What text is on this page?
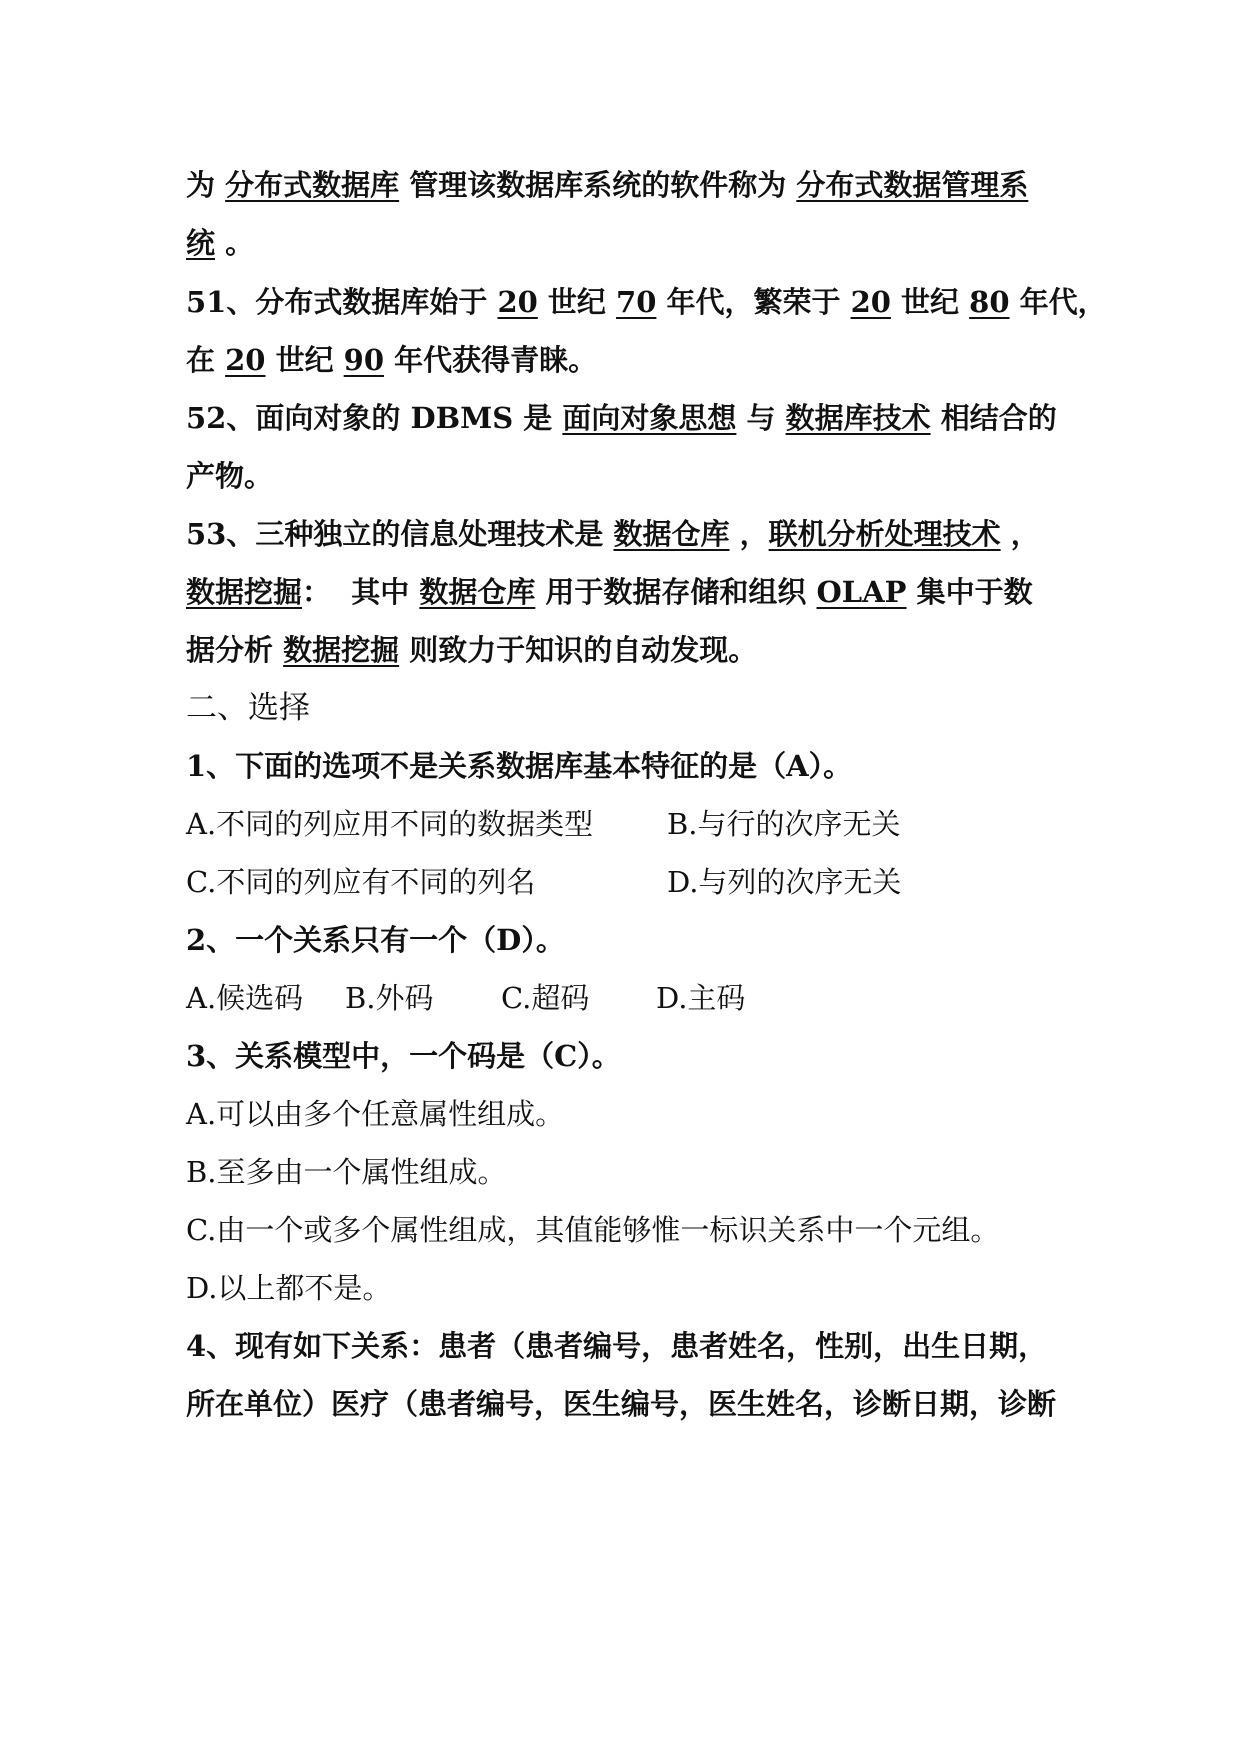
为 分布式数据库 管理该数据库系统的软件称为 分布式数据管理系
统 。
51、分布式数据库始于 20 世纪 70 年代，繁荣于 20 世纪 80 年代，
在 20 世纪 90 年代获得青睐。
52、面向对象的 DBMS 是 面向对象思想 与 数据库技术 相结合的
产物。
53、三种独立的信息处理技术是 数据仓库 ，联机分析处理技术 ，
数据挖掘：  其中 数据仓库 用于数据存储和组织 OLAP 集中于数
据分析 数据挖掘 则致力于知识的自动发现。
二、选择
1、下面的选项不是关系数据库基本特征的是（A）。
A.不同的列应用不同的数据类型	B.与行的次序无关
C.不同的列应有不同的列名	D.与列的次序无关
2、一个关系只有一个（D）。
A.候选码 B.外码 C.超码 D.主码
3、关系模型中，一个码是（C）。
A.可以由多个任意属性组成。
B.至多由一个属性组成。
C.由一个或多个属性组成，其值能够惟一标识关系中一个元组。
D.以上都不是。
4、现有如下关系：患者（患者编号，患者姓名，性别，出生日期，
所在单位）医疗（患者编号，医生编号，医生姓名，诊断日期，诊断
